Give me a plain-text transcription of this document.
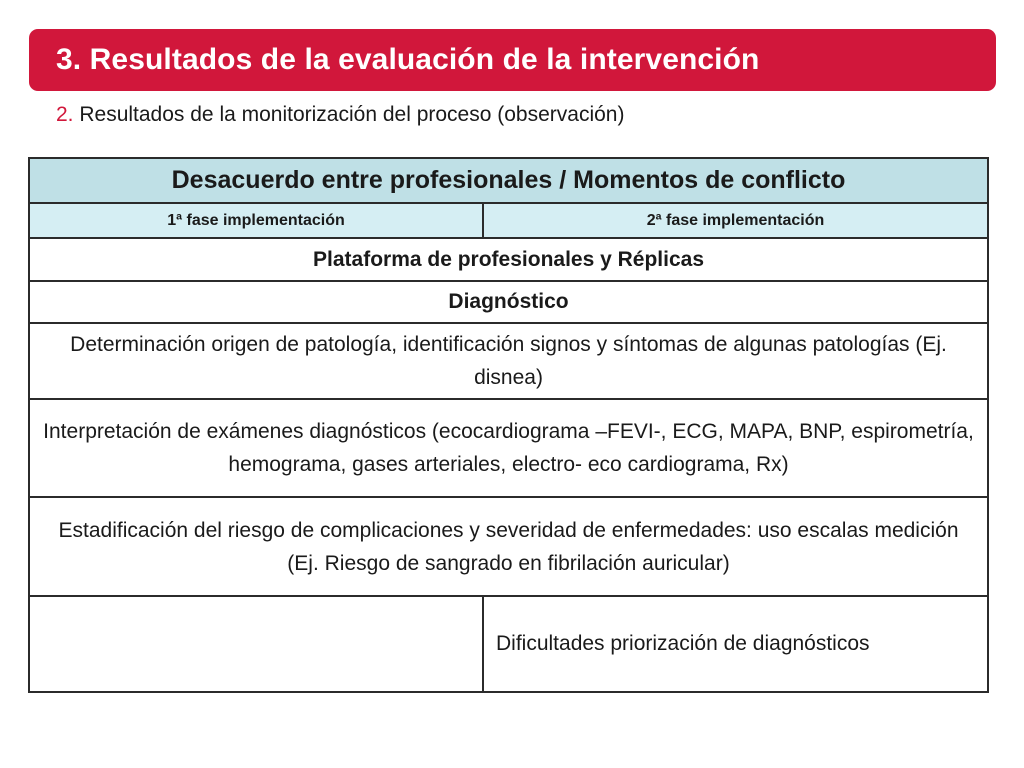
3. Resultados de la evaluación de la intervención
2. Resultados de la monitorización del proceso (observación)
Desacuerdo entre profesionales / Momentos de conflicto	
1ª fase implementación	2ª fase implementación
Plataforma de profesionales y Réplicas	
Diagnóstico	
Determinación origen de patología, identificación signos y síntomas de algunas patologías (Ej. disnea)	
Interpretación de exámenes diagnósticos (ecocardiograma –FEVI-, ECG, MAPA, BNP, espirometría, hemograma, gases arteriales, electro- eco cardiograma, Rx)	
Estadificación del riesgo de complicaciones y severidad de enfermedades: uso escalas medición (Ej. Riesgo de sangrado en fibrilación auricular)	
	Dificultades priorización de diagnósticos
